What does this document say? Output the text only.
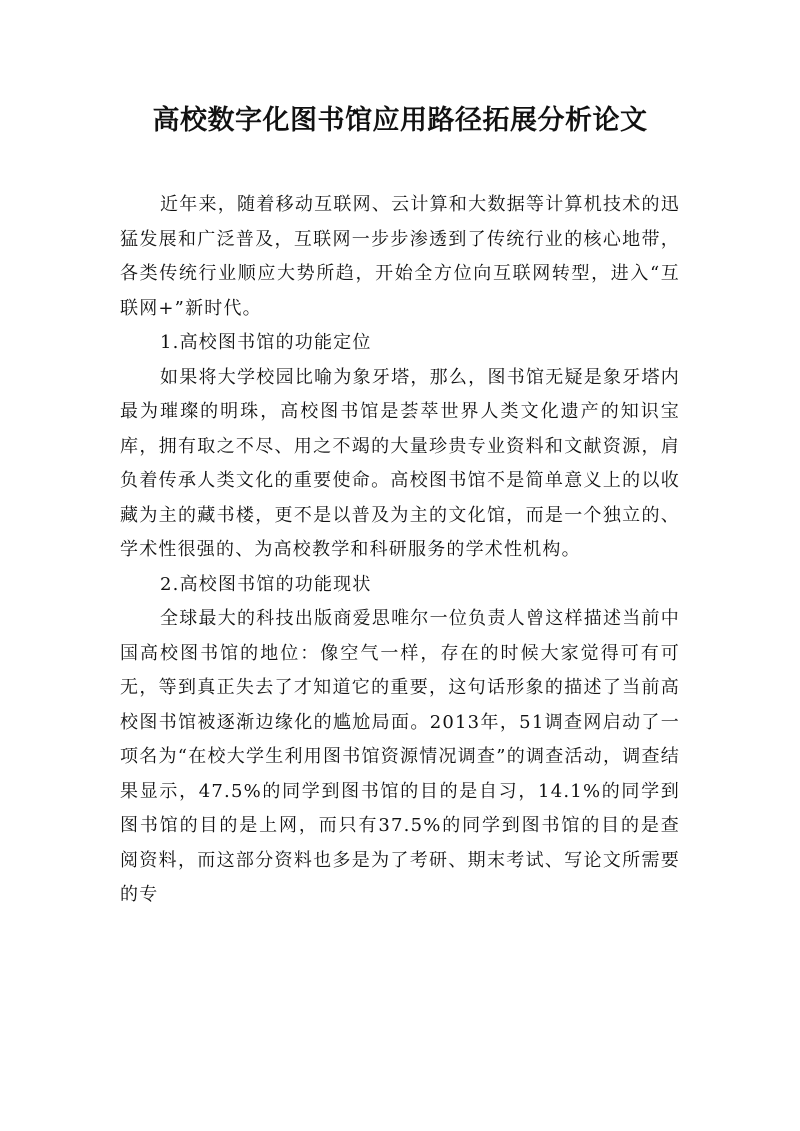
高校数字化图书馆应用路径拓展分析论文

近年来，随着移动互联网、云计算和大数据等计算机技术的迅猛发展和广泛普及，互联网一步步渗透到了传统行业的核心地带，各类传统行业顺应大势所趋，开始全方位向互联网转型，进入“互联网+”新时代。

1.高校图书馆的功能定位

如果将大学校园比喻为象牙塔，那么，图书馆无疑是象牙塔内最为璀璨的明珠，高校图书馆是荟萃世界人类文化遗产的知识宝库，拥有取之不尽、用之不竭的大量珍贵专业资料和文献资源，肩负着传承人类文化的重要使命。高校图书馆不是简单意义上的以收藏为主的藏书楼，更不是以普及为主的文化馆，而是一个独立的、学术性很强的、为高校教学和科研服务的学术性机构。

2.高校图书馆的功能现状

全球最大的科技出版商爱思唯尔一位负责人曾这样描述当前中国高校图书馆的地位：像空气一样，存在的时候大家觉得可有可无，等到真正失去了才知道它的重要，这句话形象的描述了当前高校图书馆被逐渐边缘化的尴尬局面。2013年，51调查网启动了一项名为“在校大学生利用图书馆资源情况调查”的调查活动，调查结果显示，47.5%的同学到图书馆的目的是自习，14.1%的同学到图书馆的目的是上网，而只有37.5%的同学到图书馆的目的是查阅资料，而这部分资料也多是为了考研、期末考试、写论文所需要的专
